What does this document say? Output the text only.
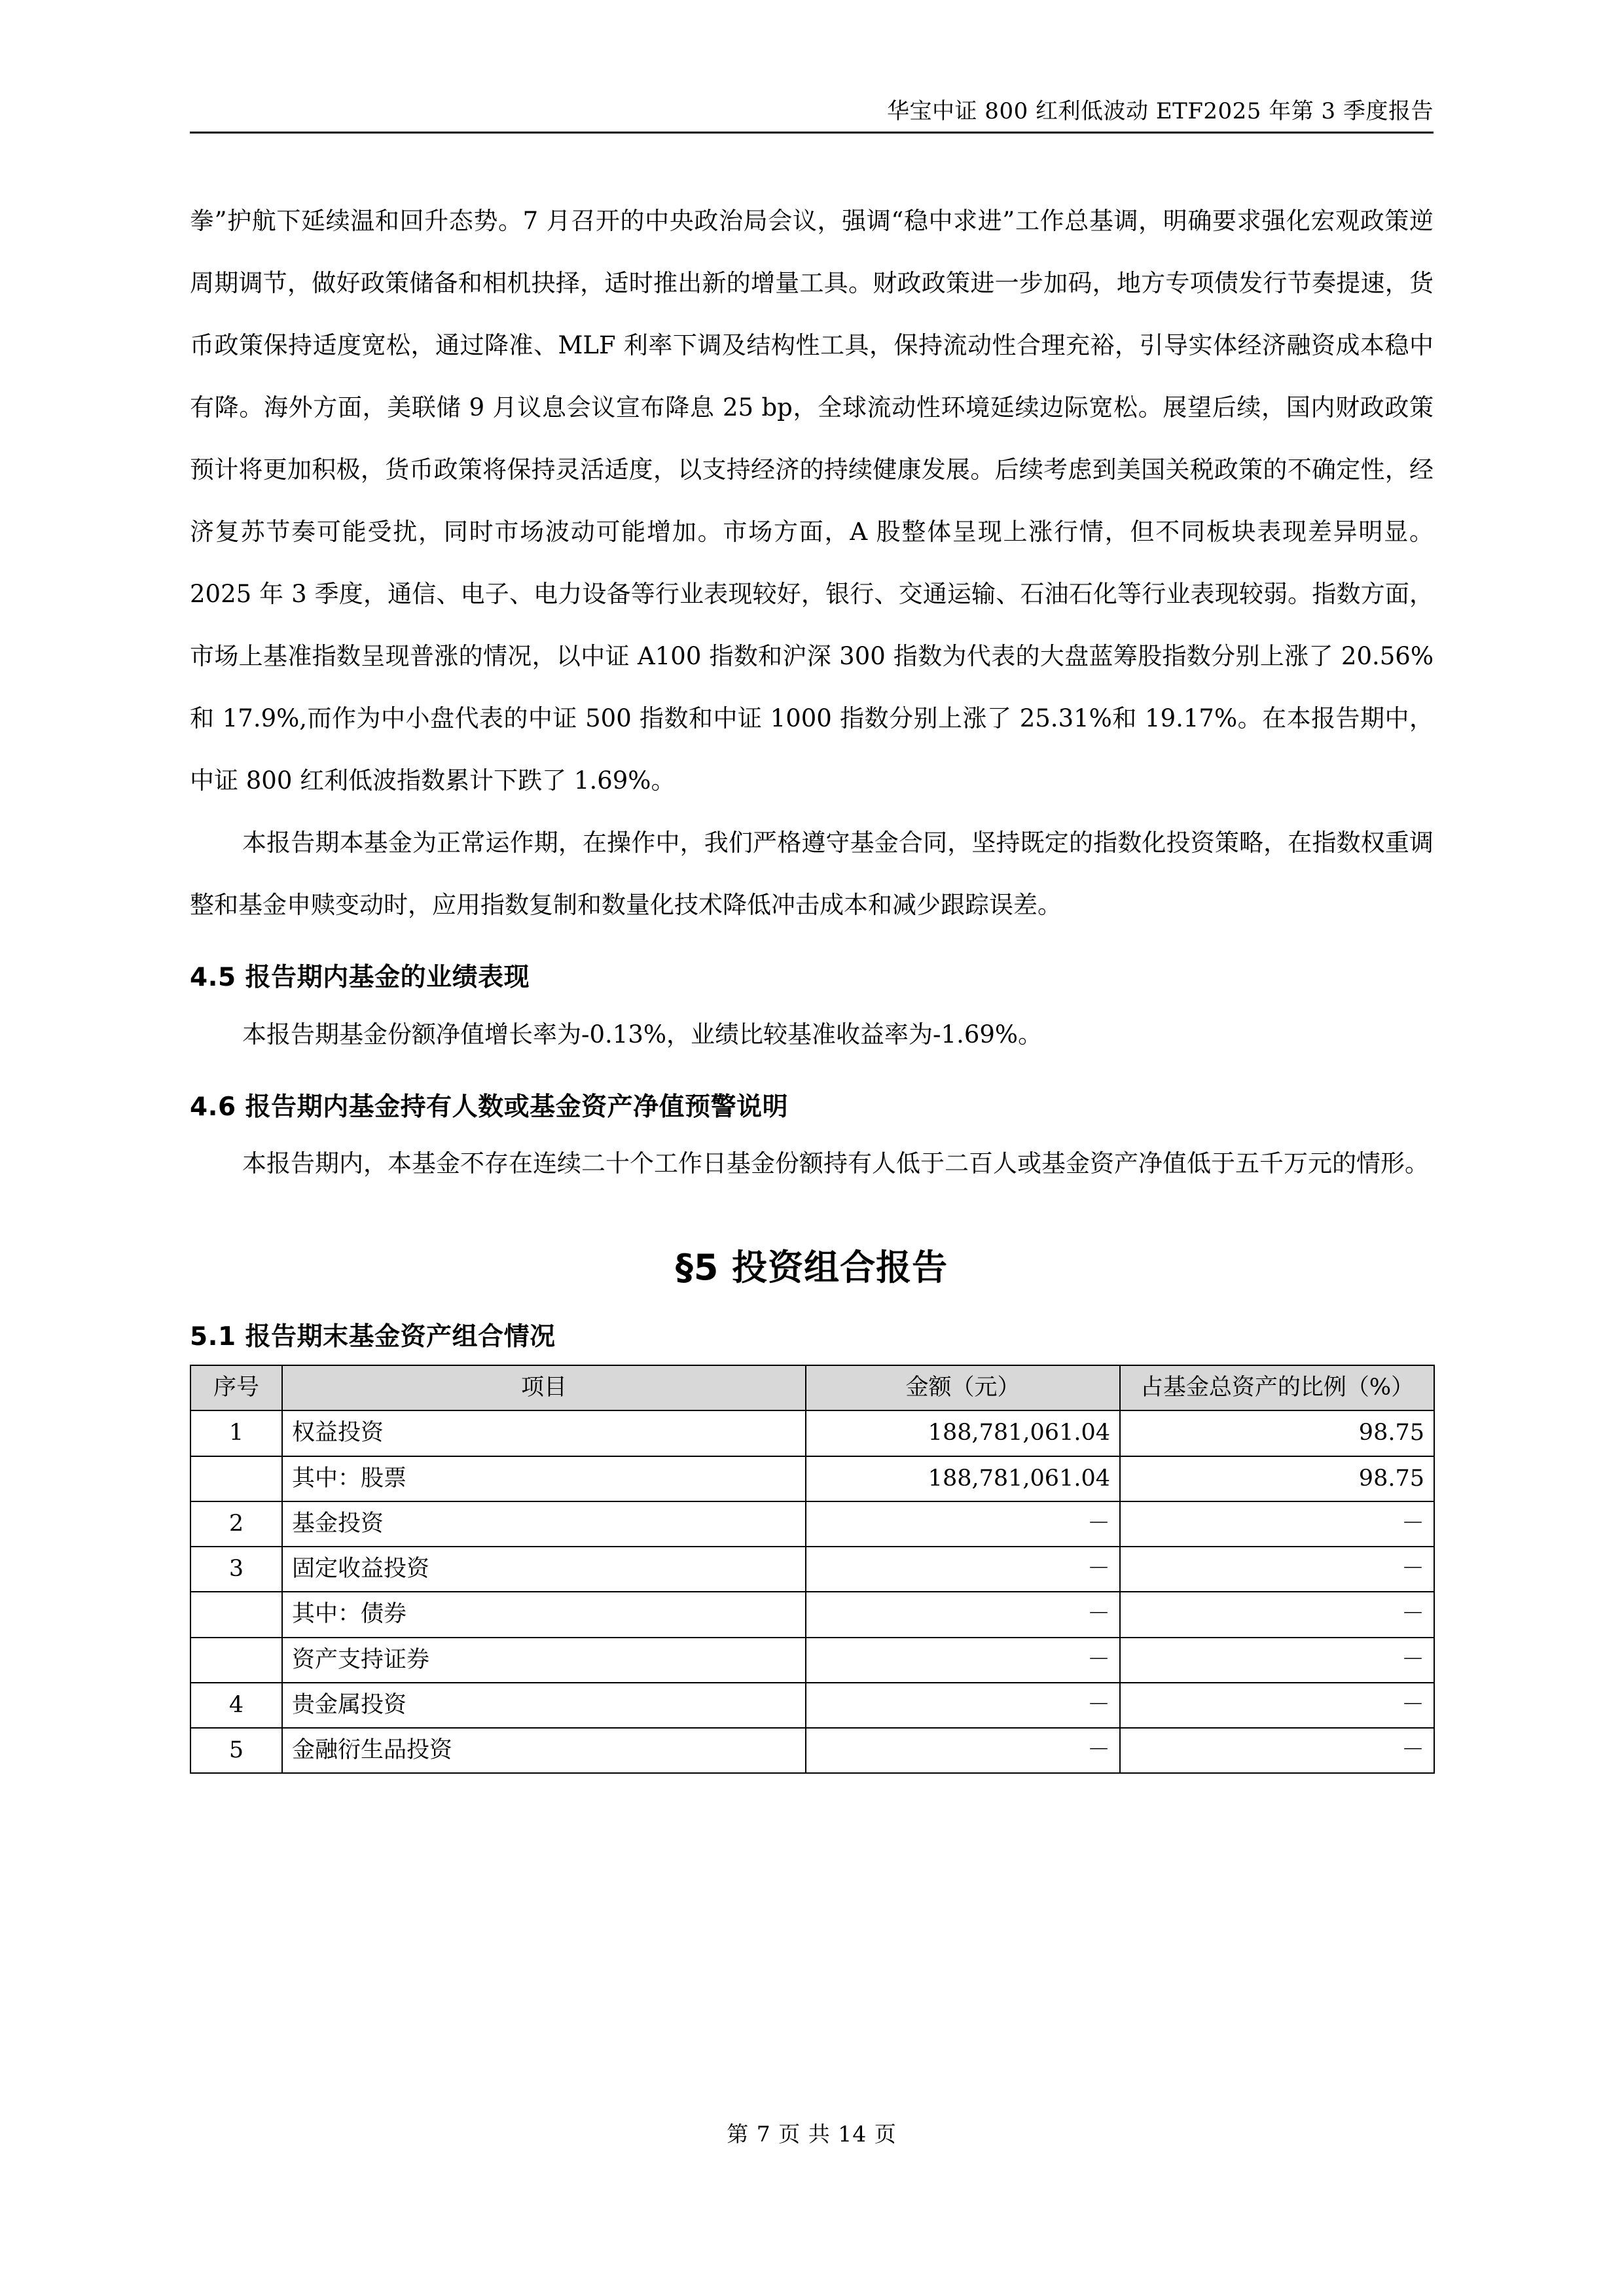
华宝中证 800 红利低波动 ETF2025 年第 3 季度报告

拳”护航下延续温和回升态势。7 月召开的中央政治局会议，强调“稳中求进”工作总基调，明确要求强化宏观政策逆周期调节，做好政策储备和相机抉择，适时推出新的增量工具。财政政策进一步加码，地方专项债发行节奏提速，货币政策保持适度宽松，通过降准、MLF 利率下调及结构性工具，保持流动性合理充裕，引导实体经济融资成本稳中有降。海外方面，美联储 9 月议息会议宣布降息 25 bp，全球流动性环境延续边际宽松。展望后续，国内财政政策预计将更加积极，货币政策将保持灵活适度，以支持经济的持续健康发展。后续考虑到美国关税政策的不确定性，经济复苏节奏可能受扰，同时市场波动可能增加。市场方面，A 股整体呈现上涨行情，但不同板块表现差异明显。2025 年 3 季度，通信、电子、电力设备等行业表现较好，银行、交通运输、石油石化等行业表现较弱。指数方面，市场上基准指数呈现普涨的情况，以中证 A100 指数和沪深 300 指数为代表的大盘蓝筹股指数分别上涨了 20.56%和 17.9%,而作为中小盘代表的中证 500 指数和中证 1000 指数分别上涨了 25.31%和 19.17%。在本报告期中，中证 800 红利低波指数累计下跌了 1.69%。

本报告期本基金为正常运作期，在操作中，我们严格遵守基金合同，坚持既定的指数化投资策略，在指数权重调整和基金申赎变动时，应用指数复制和数量化技术降低冲击成本和减少跟踪误差。

4.5 报告期内基金的业绩表现

本报告期基金份额净值增长率为-0.13%，业绩比较基准收益率为-1.69%。

4.6 报告期内基金持有人数或基金资产净值预警说明

本报告期内，本基金不存在连续二十个工作日基金份额持有人低于二百人或基金资产净值低于五千万元的情形。

§5 投资组合报告
5.1 报告期末基金资产组合情况
序号	项目	金额（元）	占基金总资产的比例（%）
1	权益投资	188,781,061.04	98.75
	其中：股票	188,781,061.04	98.75
2	基金投资	－	－
3	固定收益投资	－	－
	其中：债券	－	－
	资产支持证券	－	－
4	贵金属投资	－	－
5	金融衍生品投资	－	－
第 7 页 共 14 页
